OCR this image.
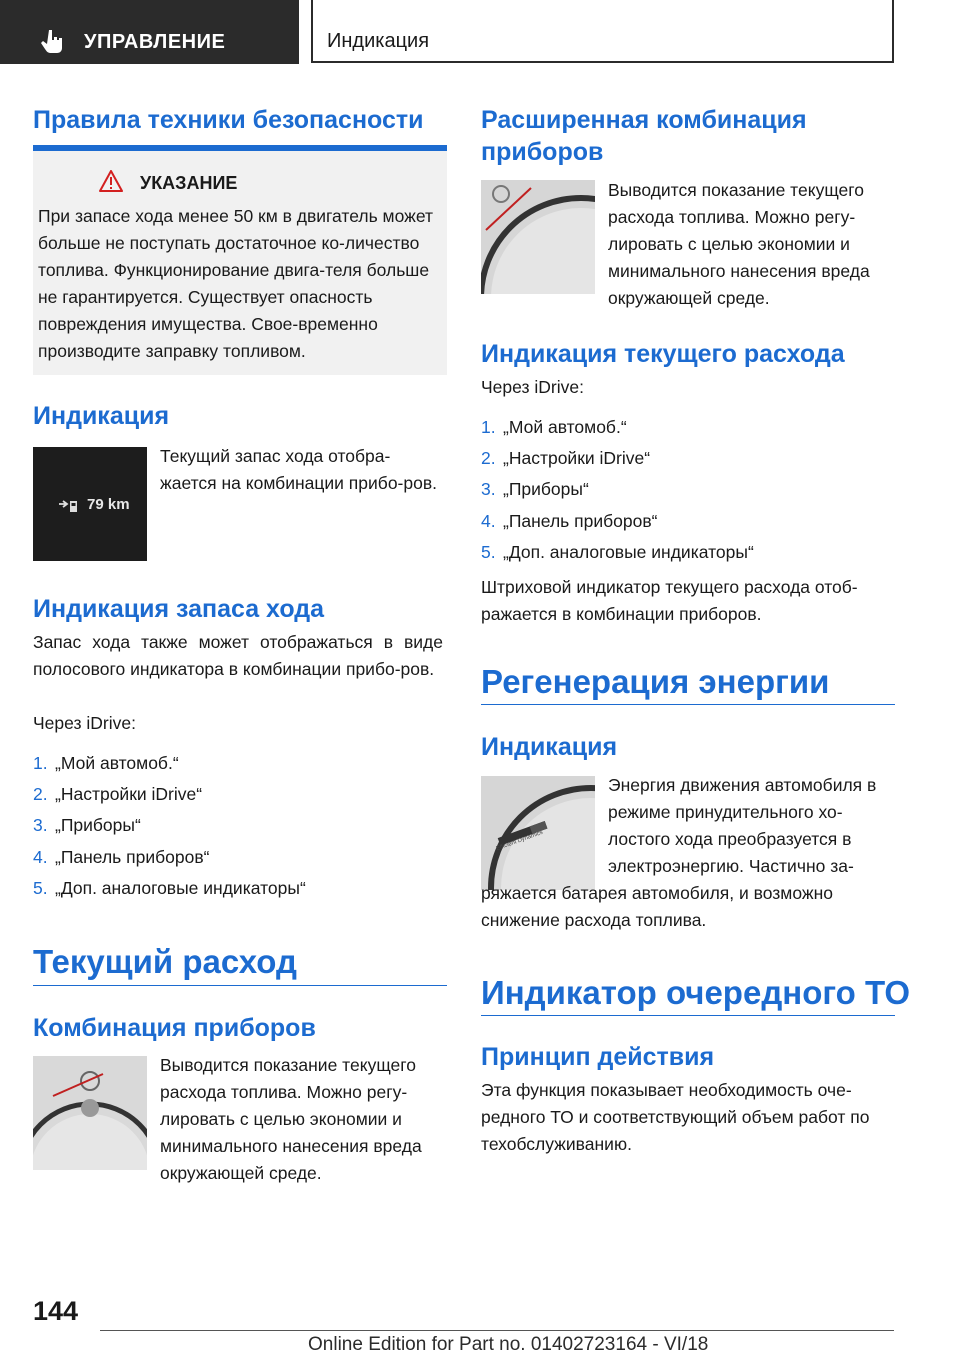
УПРАВЛЕНИЕ	Индикация
Правила техники безопасности
УКАЗАНИЕ
При запасе хода менее 50 км в двигатель может больше не поступать достаточное ко-личество топлива. Функционирование двига-теля больше не гарантируется. Существует опасность повреждения имущества. Свое-временно производите заправку топливом.
Индикация
79 km
Текущий запас хода отобра-жается на комбинации прибо-ров.
Индикация запаса хода
Запас хода также может отображаться в виде полосового индикатора в комбинации прибо-ров.
Через iDrive:
1. „Мой автомоб.“
2. „Настройки iDrive“
3. „Приборы“
4. „Панель приборов“
5. „Доп. аналоговые индикаторы“
Текущий расход
Комбинация приборов
Выводится показание текущего расхода топлива. Можно регу-лировать с целью экономии и минимального нанесения вреда окружающей среде.
Расширенная комбинация приборов
Выводится показание текущего расхода топлива. Можно регу-лировать с целью экономии и минимального нанесения вреда окружающей среде.
Индикация текущего расхода
Через iDrive:
1. „Мой автомоб.“
2. „Настройки iDrive“
3. „Приборы“
4. „Панель приборов“
5. „Доп. аналоговые индикаторы“
Штриховой индикатор текущего расхода отоб-ражается в комбинации приборов.
Регенерация энергии
Индикация
Efficient Dynamics
Энергия движения автомобиля в режиме принудительного хо-лостого хода преобразуется в электроэнергию. Частично за-ряжается батарея автомобиля, и возможно снижение расхода топлива.
Индикатор очередного ТО
Принцип действия
Эта функция показывает необходимость оче-редного ТО и соответствующий объем работ по техобслуживанию.
144
Online Edition for Part no. 01402723164 - VI/18
